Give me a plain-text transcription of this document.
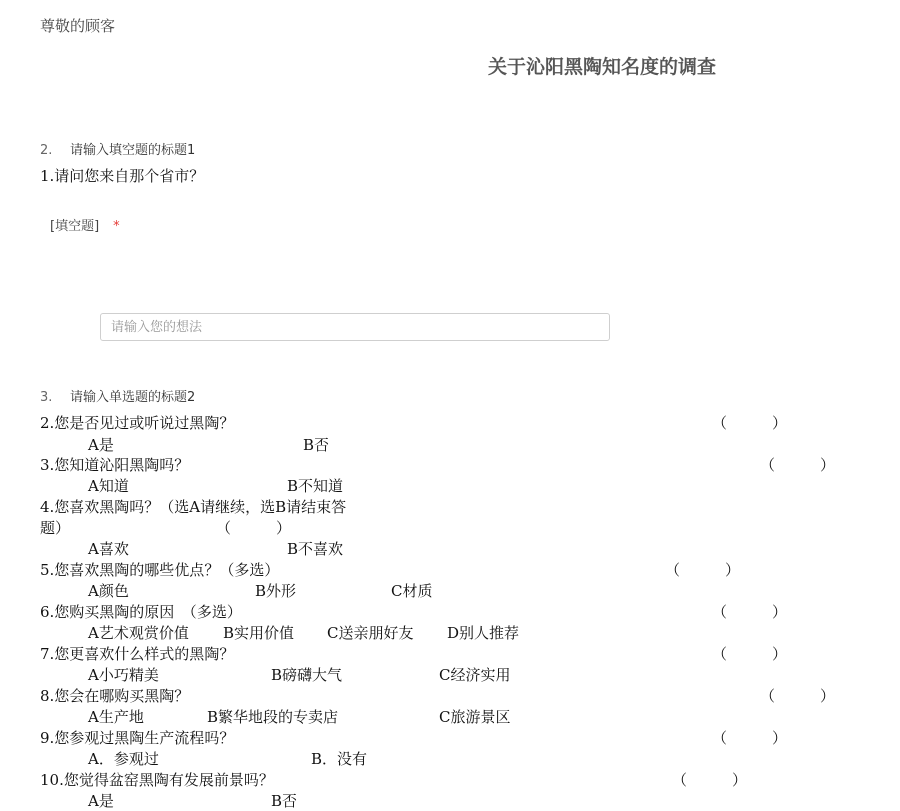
尊敬的顾客
关于沁阳黑陶知名度的调查
2. 请输入填空题的标题1
1.请问您来自那个省市？
[填空题] *
请输入您的想法
3. 请输入单选题的标题2
2.您是否见过或听说过黑陶？	（　　　）
A是	B否
3.您知道沁阳黑陶吗？	（　　　）
A知道	B不知道
4.您喜欢黑陶吗？（选A请继续，选B请结束答
题）	（　　　）
A喜欢	B不喜欢
5.您喜欢黑陶的哪些优点？（多选）	（　　　）
A颜色	B外形	C材质
6.您购买黑陶的原因　（多选）	（　　　）
A艺术观赏价值 B实用价值 C送亲朋好友 D别人推荐
7.您更喜欢什么样式的黑陶？	（　　　）
A小巧精美	B磅礴大气	C经济实用
8.您会在哪购买黑陶？	（　　　）
A生产地	B繁华地段的专卖店	C旅游景区
9.您参观过黑陶生产流程吗？	（　　　）
A．参观过	B．没有
10.您觉得盆窑黑陶有发展前景吗？	（　　　）
A是	B否
